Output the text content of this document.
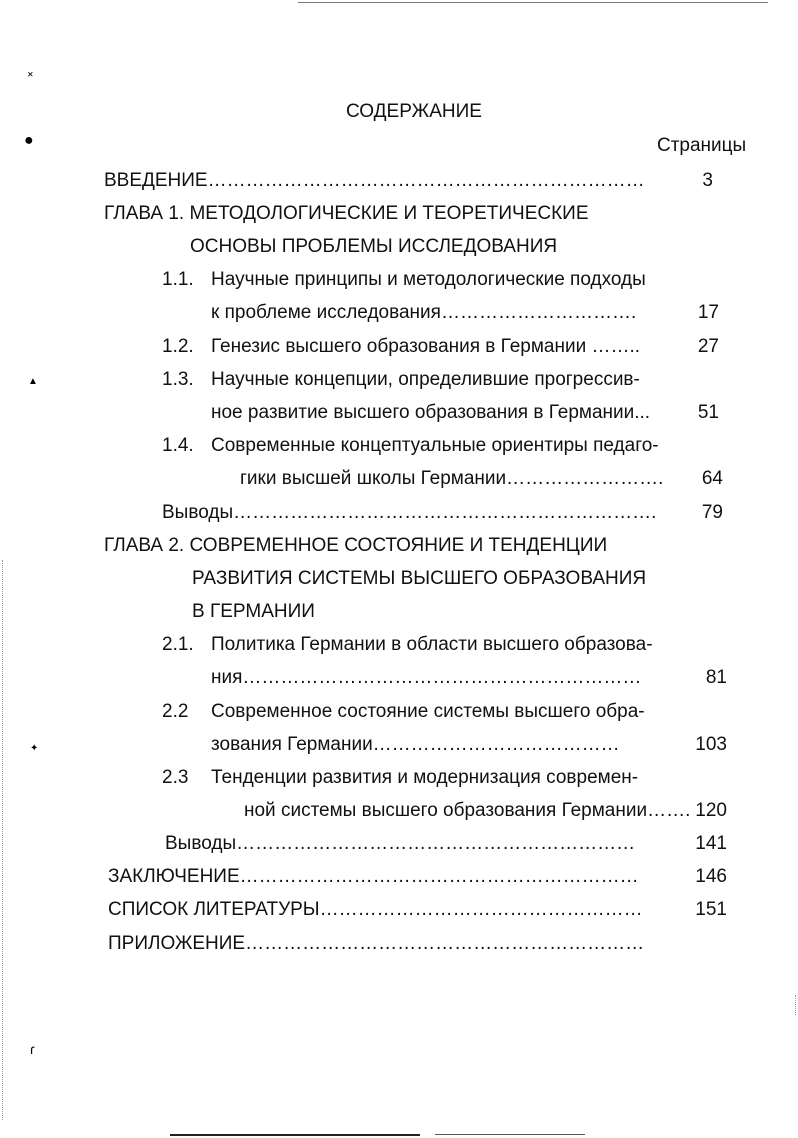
˟
●
▲
✦
ɾ
СОДЕРЖАНИЕ
Страницы
ВВЕДЕНИЕ……………………………………………………………	3
ГЛАВА 1. МЕТОДОЛОГИЧЕСКИЕ И ТЕОРЕТИЧЕСКИЕ
ОСНОВЫ ПРОБЛЕМЫ ИССЛЕДОВАНИЯ
1.1. Научные принципы и методологические подходы
к проблеме исследования………………………….	17
1.2. Генезис высшего образования в Германии ……..	27
1.3. Научные концепции, определившие прогрессив-
ное развитие высшего образования в Германии...	51
1.4. Современные концептуальные ориентиры педаго-
гики высшей школы Германии…………………….	64
Выводы………………………………………………………….	79
ГЛАВА 2. СОВРЕМЕННОЕ СОСТОЯНИЕ И ТЕНДЕНЦИИ
РАЗВИТИЯ СИСТЕМЫ ВЫСШЕГО ОБРАЗОВАНИЯ
В ГЕРМАНИИ
2.1. Политика Германии в области высшего образова-
ния………………………………………………………	81
2.2 Современное состояние системы высшего обра-
зования Германии…………………………………	103
2.3 Тенденции развития и модернизация современ-
ной системы высшего образования Германии……. 120
Выводы………………………………………………………	141
ЗАКЛЮЧЕНИЕ………………………………………………………	146
СПИСОК ЛИТЕРАТУРЫ……………………………………………	151
ПРИЛОЖЕНИЕ………………………………………………………
